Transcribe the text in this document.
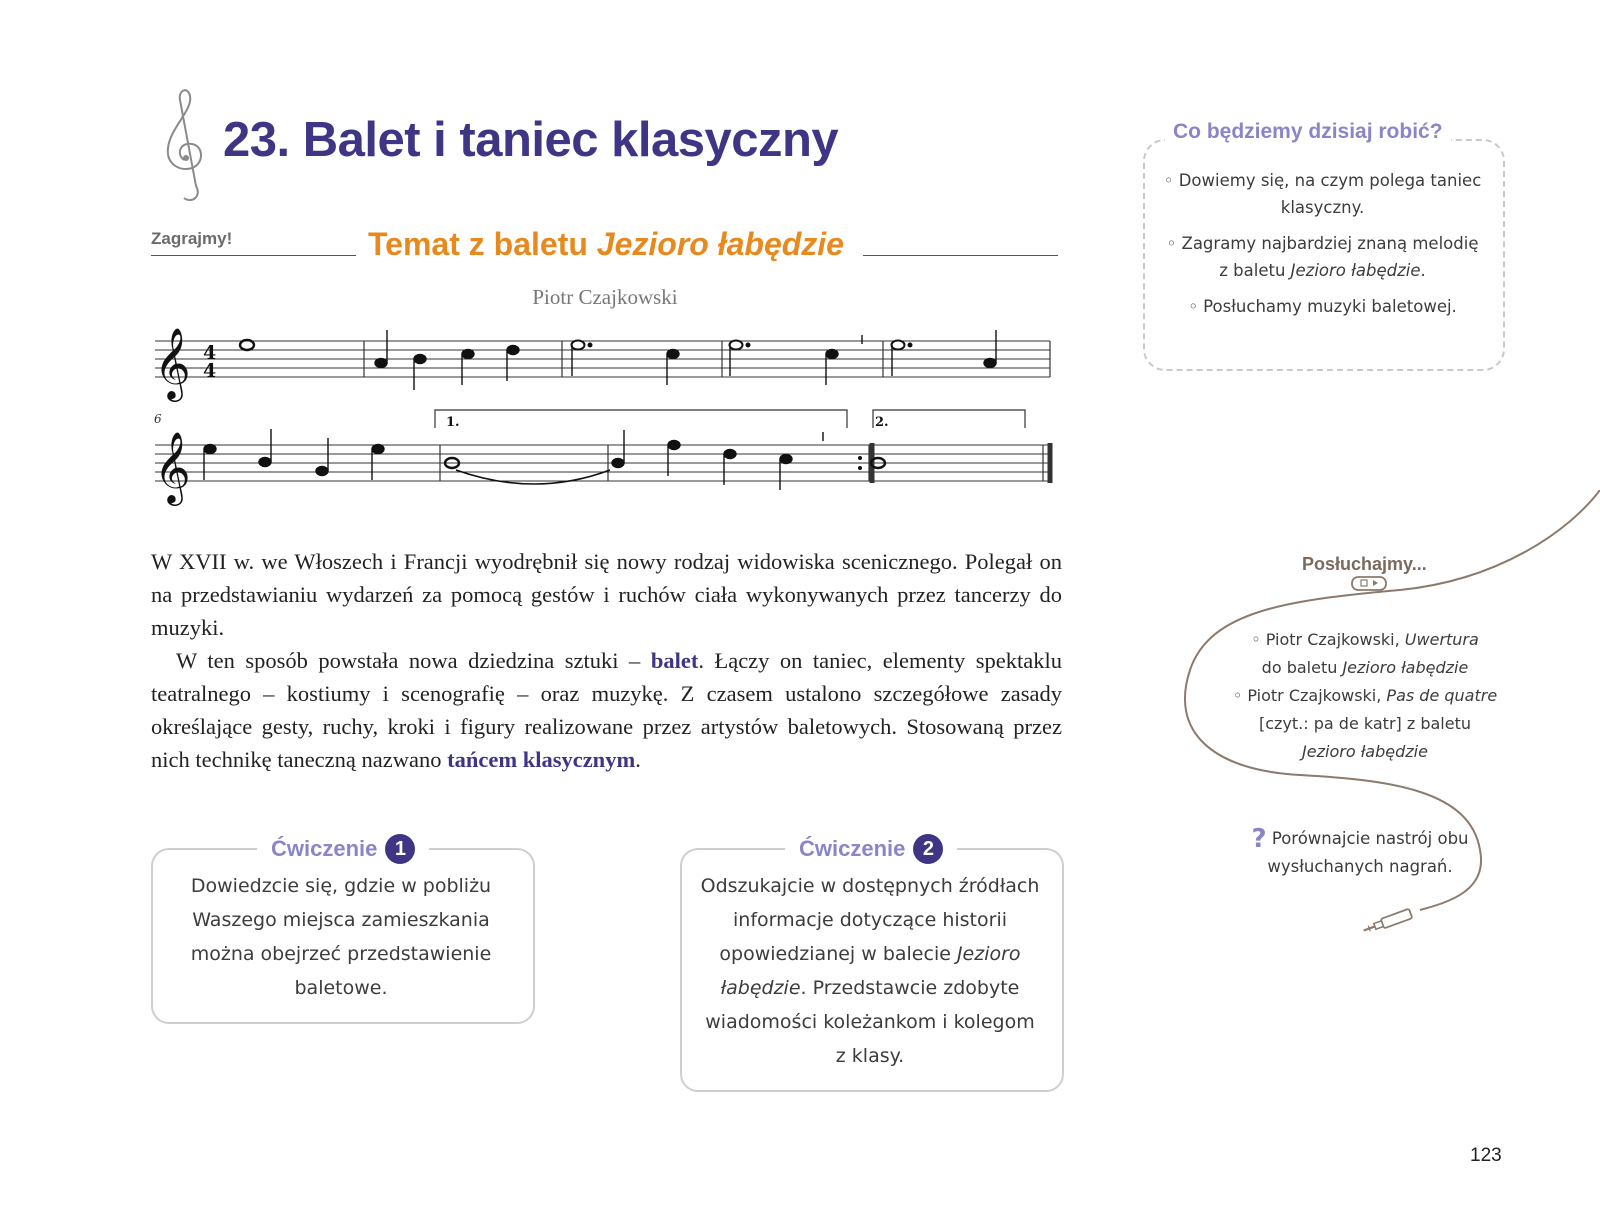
23. Balet i taniec klasyczny
Zagrajmy!	Temat z baletu Jezioro łabędzie
Piotr Czajkowski
𝄞
𝄞
4
4
6	1.	2.

W XVII w. we Włoszech i Francji wyodrębnił się nowy rodzaj widowiska scenicznego. Polegał on na przedstawianiu wydarzeń za pomocą gestów i ruchów ciała wykonywanych przez tancerzy do muzyki.

W ten sposób powstała nowa dziedzina sztuki – balet. Łączy on taniec, elementy spektaklu teatralnego – kostiumy i scenografię – oraz muzykę. Z czasem ustalono szczegółowe zasady określające gesty, ruchy, kroki i figury realizowane przez artystów baletowych. Stosowaną przez nich technikę taneczną nazwano tańcem klasycznym.

Ćwiczenie 1
Dowiedzcie się, gdzie w pobliżu Waszego miejsca zamieszkania można obejrzeć przedstawienie baletowe.
Ćwiczenie 2
Odszukajcie w dostępnych źródłach informacje dotyczące historii opowiedzianej w balecie Jezioro łabędzie. Przedstawcie zdobyte wiadomości koleżankom i kolegom z klasy.
Co będziemy dzisiaj robić?
◦ Dowiemy się, na czym polega taniec klasyczny.
◦ Zagramy najbardziej znaną melodię z baletu Jezioro łabędzie.
◦ Posłuchamy muzyki baletowej.
Posłuchajmy...
◦ Piotr Czajkowski, Uwertura
do baletu Jezioro łabędzie
◦ Piotr Czajkowski, Pas de quatre
[czyt.: pa de katr] z baletu
Jezioro łabędzie
? Porównajcie nastrój obu wysłuchanych nagrań.
123
